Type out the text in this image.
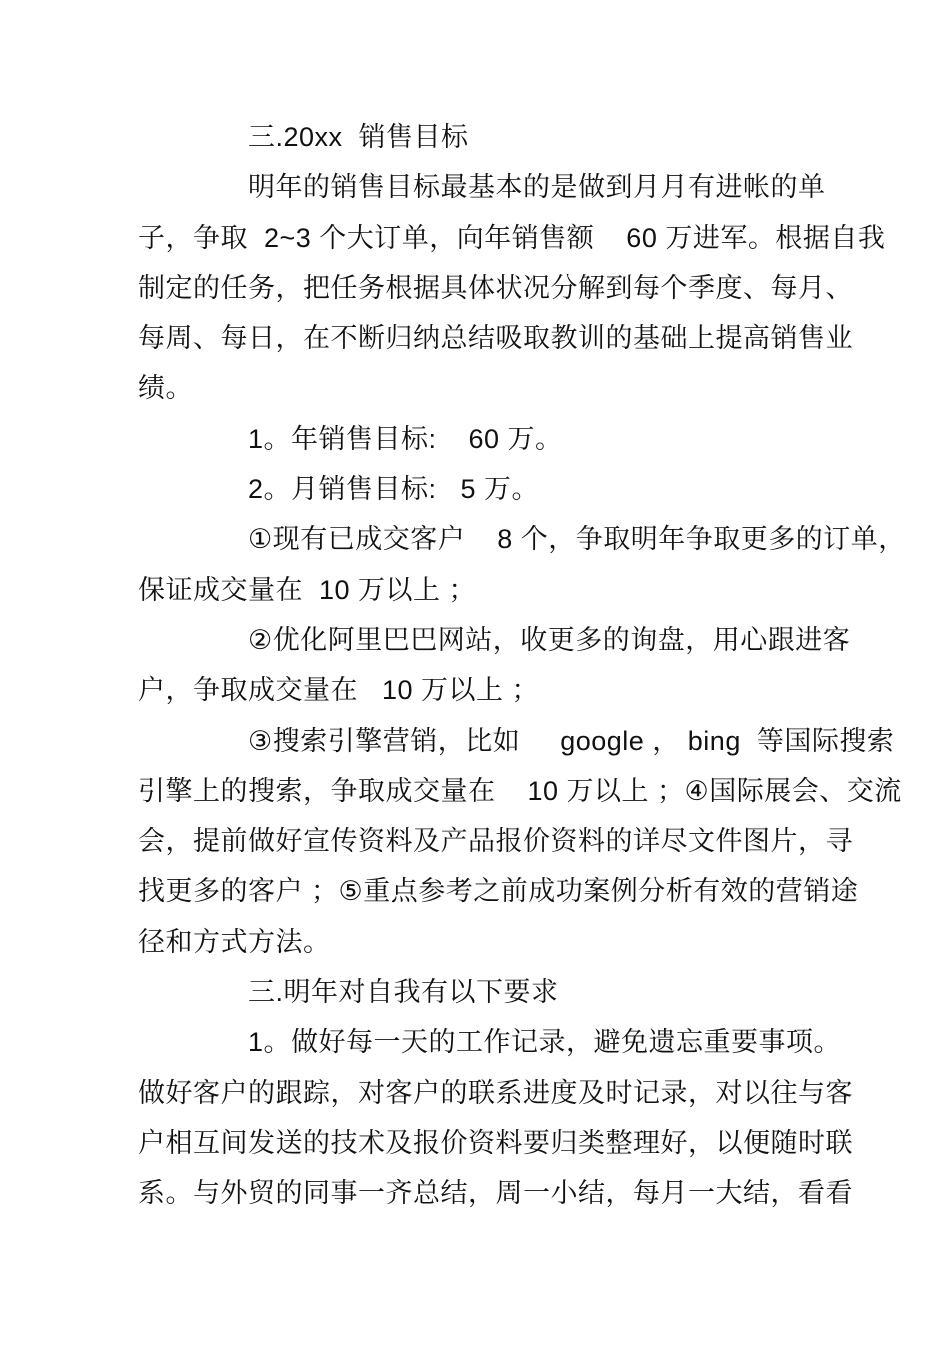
三.20xx  销售目标

明年的销售目标最基本的是做到月月有进帐的单

子，争取  2~3 个大订单，向年销售额    60 万进军。根据自我

制定的任务，把任务根据具体状况分解到每个季度、每月、

每周、每日，在不断归纳总结吸取教训的基础上提高销售业

绩。

1。年销售目标:    60 万。

2。月销售目标:   5 万。

①现有已成交客户    8 个，争取明年争取更多的订单，

保证成交量在  10 万以上 ；

②优化阿里巴巴网站，收更多的询盘，用心跟进客

户，争取成交量在   10 万以上 ；

③搜索引擎营销，比如     google ， bing  等国际搜索

引擎上的搜索，争取成交量在    10 万以上 ；④国际展会、交流

会，提前做好宣传资料及产品报价资料的详尽文件图片，寻

找更多的客户 ；⑤重点参考之前成功案例分析有效的营销途

径和方式方法。

三.明年对自我有以下要求

1。做好每一天的工作记录，避免遗忘重要事项。

做好客户的跟踪，对客户的联系进度及时记录，对以往与客

户相互间发送的技术及报价资料要归类整理好，以便随时联

系。与外贸的同事一齐总结，周一小结，每月一大结，看看
